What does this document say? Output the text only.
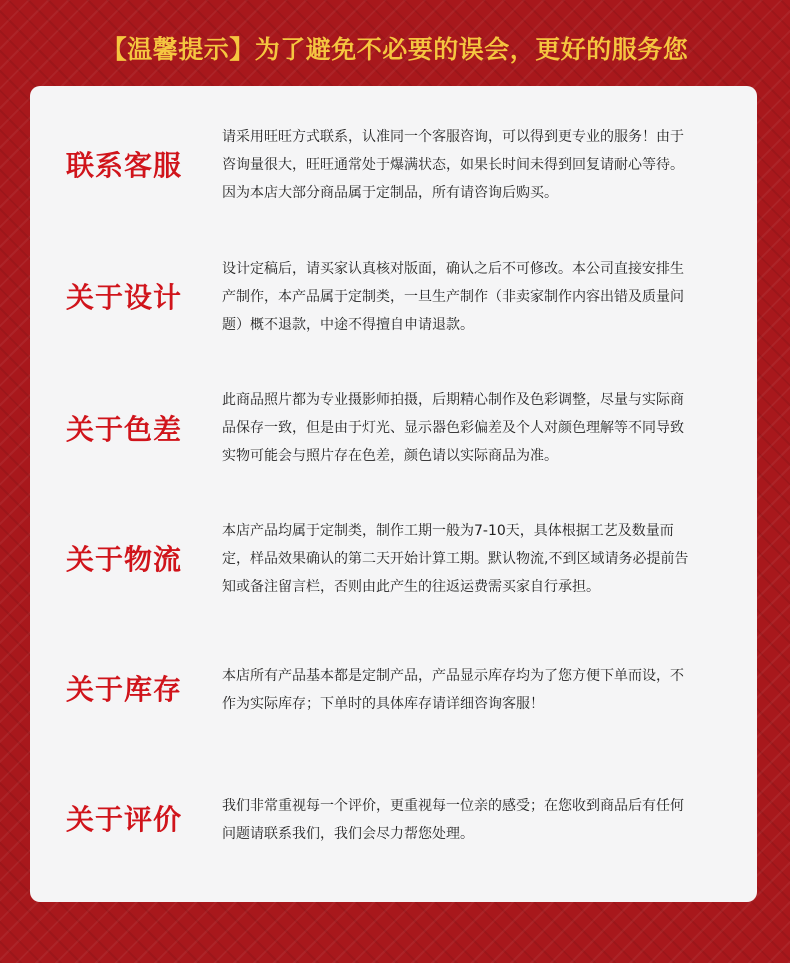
【温馨提示】为了避免不必要的误会，更好的服务您
联系客服
请采用旺旺方式联系，认准同一个客服咨询，可以得到更专业的服务！由于咨询量很大，旺旺通常处于爆满状态，如果长时间未得到回复请耐心等待。因为本店大部分商品属于定制品，所有请咨询后购买。
关于设计
设计定稿后，请买家认真核对版面，确认之后不可修改。本公司直接安排生产制作，本产品属于定制类，一旦生产制作（非卖家制作内容出错及质量问题）概不退款，中途不得擅自申请退款。
关于色差
此商品照片都为专业摄影师拍摄，后期精心制作及色彩调整，尽量与实际商品保存一致，但是由于灯光、显示器色彩偏差及个人对颜色理解等不同导致实物可能会与照片存在色差，颜色请以实际商品为准。
关于物流
本店产品均属于定制类，制作工期一般为7-10天，具体根据工艺及数量而定，样品效果确认的第二天开始计算工期。默认物流,不到区域请务必提前告知或备注留言栏，否则由此产生的往返运费需买家自行承担。
关于库存	本店所有产品基本都是定制产品，产品显示库存均为了您方便下单而设，不作为实际库存；下单时的具体库存请详细咨询客服！
关于评价	我们非常重视每一个评价，更重视每一位亲的感受；在您收到商品后有任何问题请联系我们，我们会尽力帮您处理。
